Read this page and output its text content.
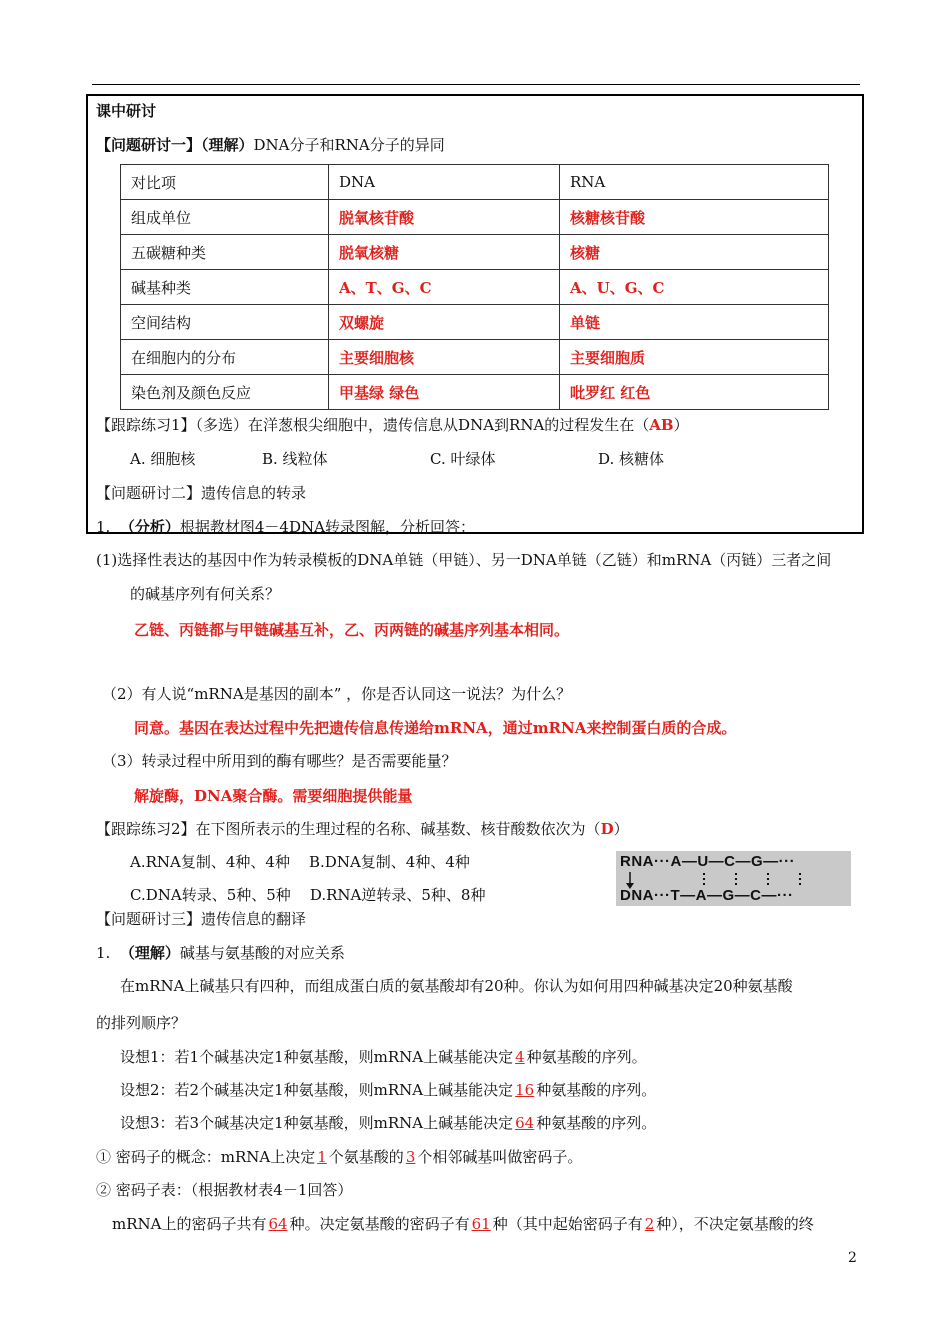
课中研讨
【问题研讨一】（理解）DNA分子和RNA分子的异同
对比项	DNA	RNA
组成单位	脱氧核苷酸	核糖核苷酸
五碳糖种类	脱氧核糖	核糖
碱基种类	A、T、G、C	A、U、G、C
空间结构	双螺旋	单链
在细胞内的分布	主要细胞核	主要细胞质
染色剂及颜色反应	甲基绿 绿色	吡罗红 红色
【跟踪练习1】（多选）在洋葱根尖细胞中，遗传信息从DNA到RNA的过程发生在（AB）
A. 细胞核	B. 线粒体	C. 叶绿体	D. 核糖体
【问题研讨二】遗传信息的转录
1. （分析）根据教材图4－4DNA转录图解，分析回答：
(1)选择性表达的基因中作为转录模板的DNA单链（甲链）、另一DNA单链（乙链）和mRNA（丙链）三者之间
的碱基序列有何关系？
乙链、丙链都与甲链碱基互补，乙、丙两链的碱基序列基本相同。
（2）有人说“mRNA是基因的副本” ，你是否认同这一说法？为什么？
同意。基因在表达过程中先把遗传信息传递给mRNA，通过mRNA来控制蛋白质的合成。
（3）转录过程中所用到的酶有哪些？是否需要能量？
解旋酶，DNA聚合酶。需要细胞提供能量
【跟踪练习2】在下图所表示的生理过程的名称、碱基数、核苷酸数依次为（D）
A.RNA复制、4种、4种    B.DNA复制、4种、4种
C.DNA转录、5种、5种    D.RNA逆转录、5种、8种
RNA···A—U—C—G—···
DNA···T—A—G—C—···
【问题研讨三】遗传信息的翻译
1. （理解）碱基与氨基酸的对应关系
在mRNA上碱基只有四种，而组成蛋白质的氨基酸却有20种。你认为如何用四种碱基决定20种氨基酸
的排列顺序？
设想1：若1个碱基决定1种氨基酸，则mRNA上碱基能决定 4 种氨基酸的序列。
设想2：若2个碱基决定1种氨基酸，则mRNA上碱基能决定 16 种氨基酸的序列。
设想3：若3个碱基决定1种氨基酸，则mRNA上碱基能决定 64 种氨基酸的序列。
① 密码子的概念：mRNA上决定 1 个氨基酸的 3 个相邻碱基叫做密码子。
② 密码子表：（根据教材表4－1回答）
mRNA上的密码子共有 64 种。决定氨基酸的密码子有 61 种（其中起始密码子有 2 种），不决定氨基酸的终
2
